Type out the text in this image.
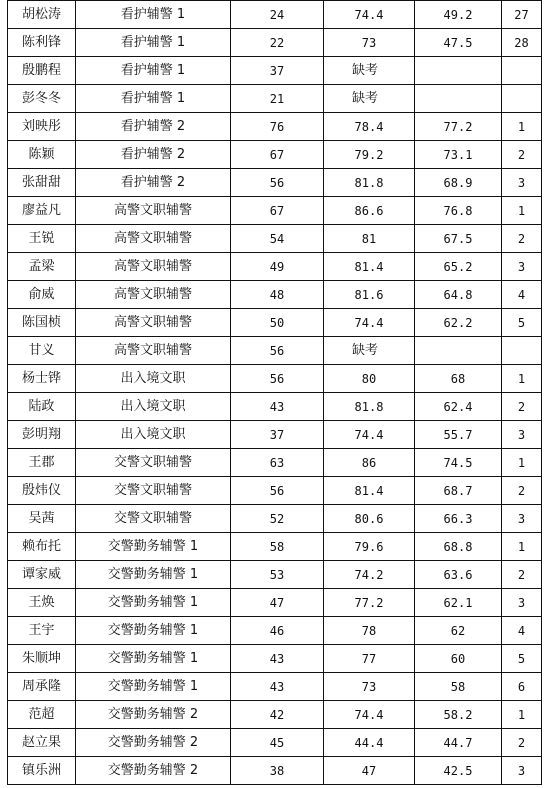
胡松涛	看护辅警 1	24	74.4	49.2	27
陈利锋	看护辅警 1	22	73	47.5	28
殷鹏程	看护辅警 1	37	缺考		
彭冬冬	看护辅警 1	21	缺考		
刘映彤	看护辅警 2	76	78.4	77.2	1
陈颖	看护辅警 2	67	79.2	73.1	2
张甜甜	看护辅警 2	56	81.8	68.9	3
廖益凡	高警文职辅警	67	86.6	76.8	1
王锐	高警文职辅警	54	81	67.5	2
孟梁	高警文职辅警	49	81.4	65.2	3
俞威	高警文职辅警	48	81.6	64.8	4
陈国桢	高警文职辅警	50	74.4	62.2	5
甘义	高警文职辅警	56	缺考		
杨士铧	出入境文职	56	80	68	1
陆政	出入境文职	43	81.8	62.4	2
彭明翔	出入境文职	37	74.4	55.7	3
王郡	交警文职辅警	63	86	74.5	1
殷炜仪	交警文职辅警	56	81.4	68.7	2
吴茜	交警文职辅警	52	80.6	66.3	3
赖布托	交警勤务辅警 1	58	79.6	68.8	1
谭家威	交警勤务辅警 1	53	74.2	63.6	2
王焕	交警勤务辅警 1	47	77.2	62.1	3
王宇	交警勤务辅警 1	46	78	62	4
朱顺坤	交警勤务辅警 1	43	77	60	5
周承隆	交警勤务辅警 1	43	73	58	6
范超	交警勤务辅警 2	42	74.4	58.2	1
赵立果	交警勤务辅警 2	45	44.4	44.7	2
镇乐洲	交警勤务辅警 2	38	47	42.5	3
